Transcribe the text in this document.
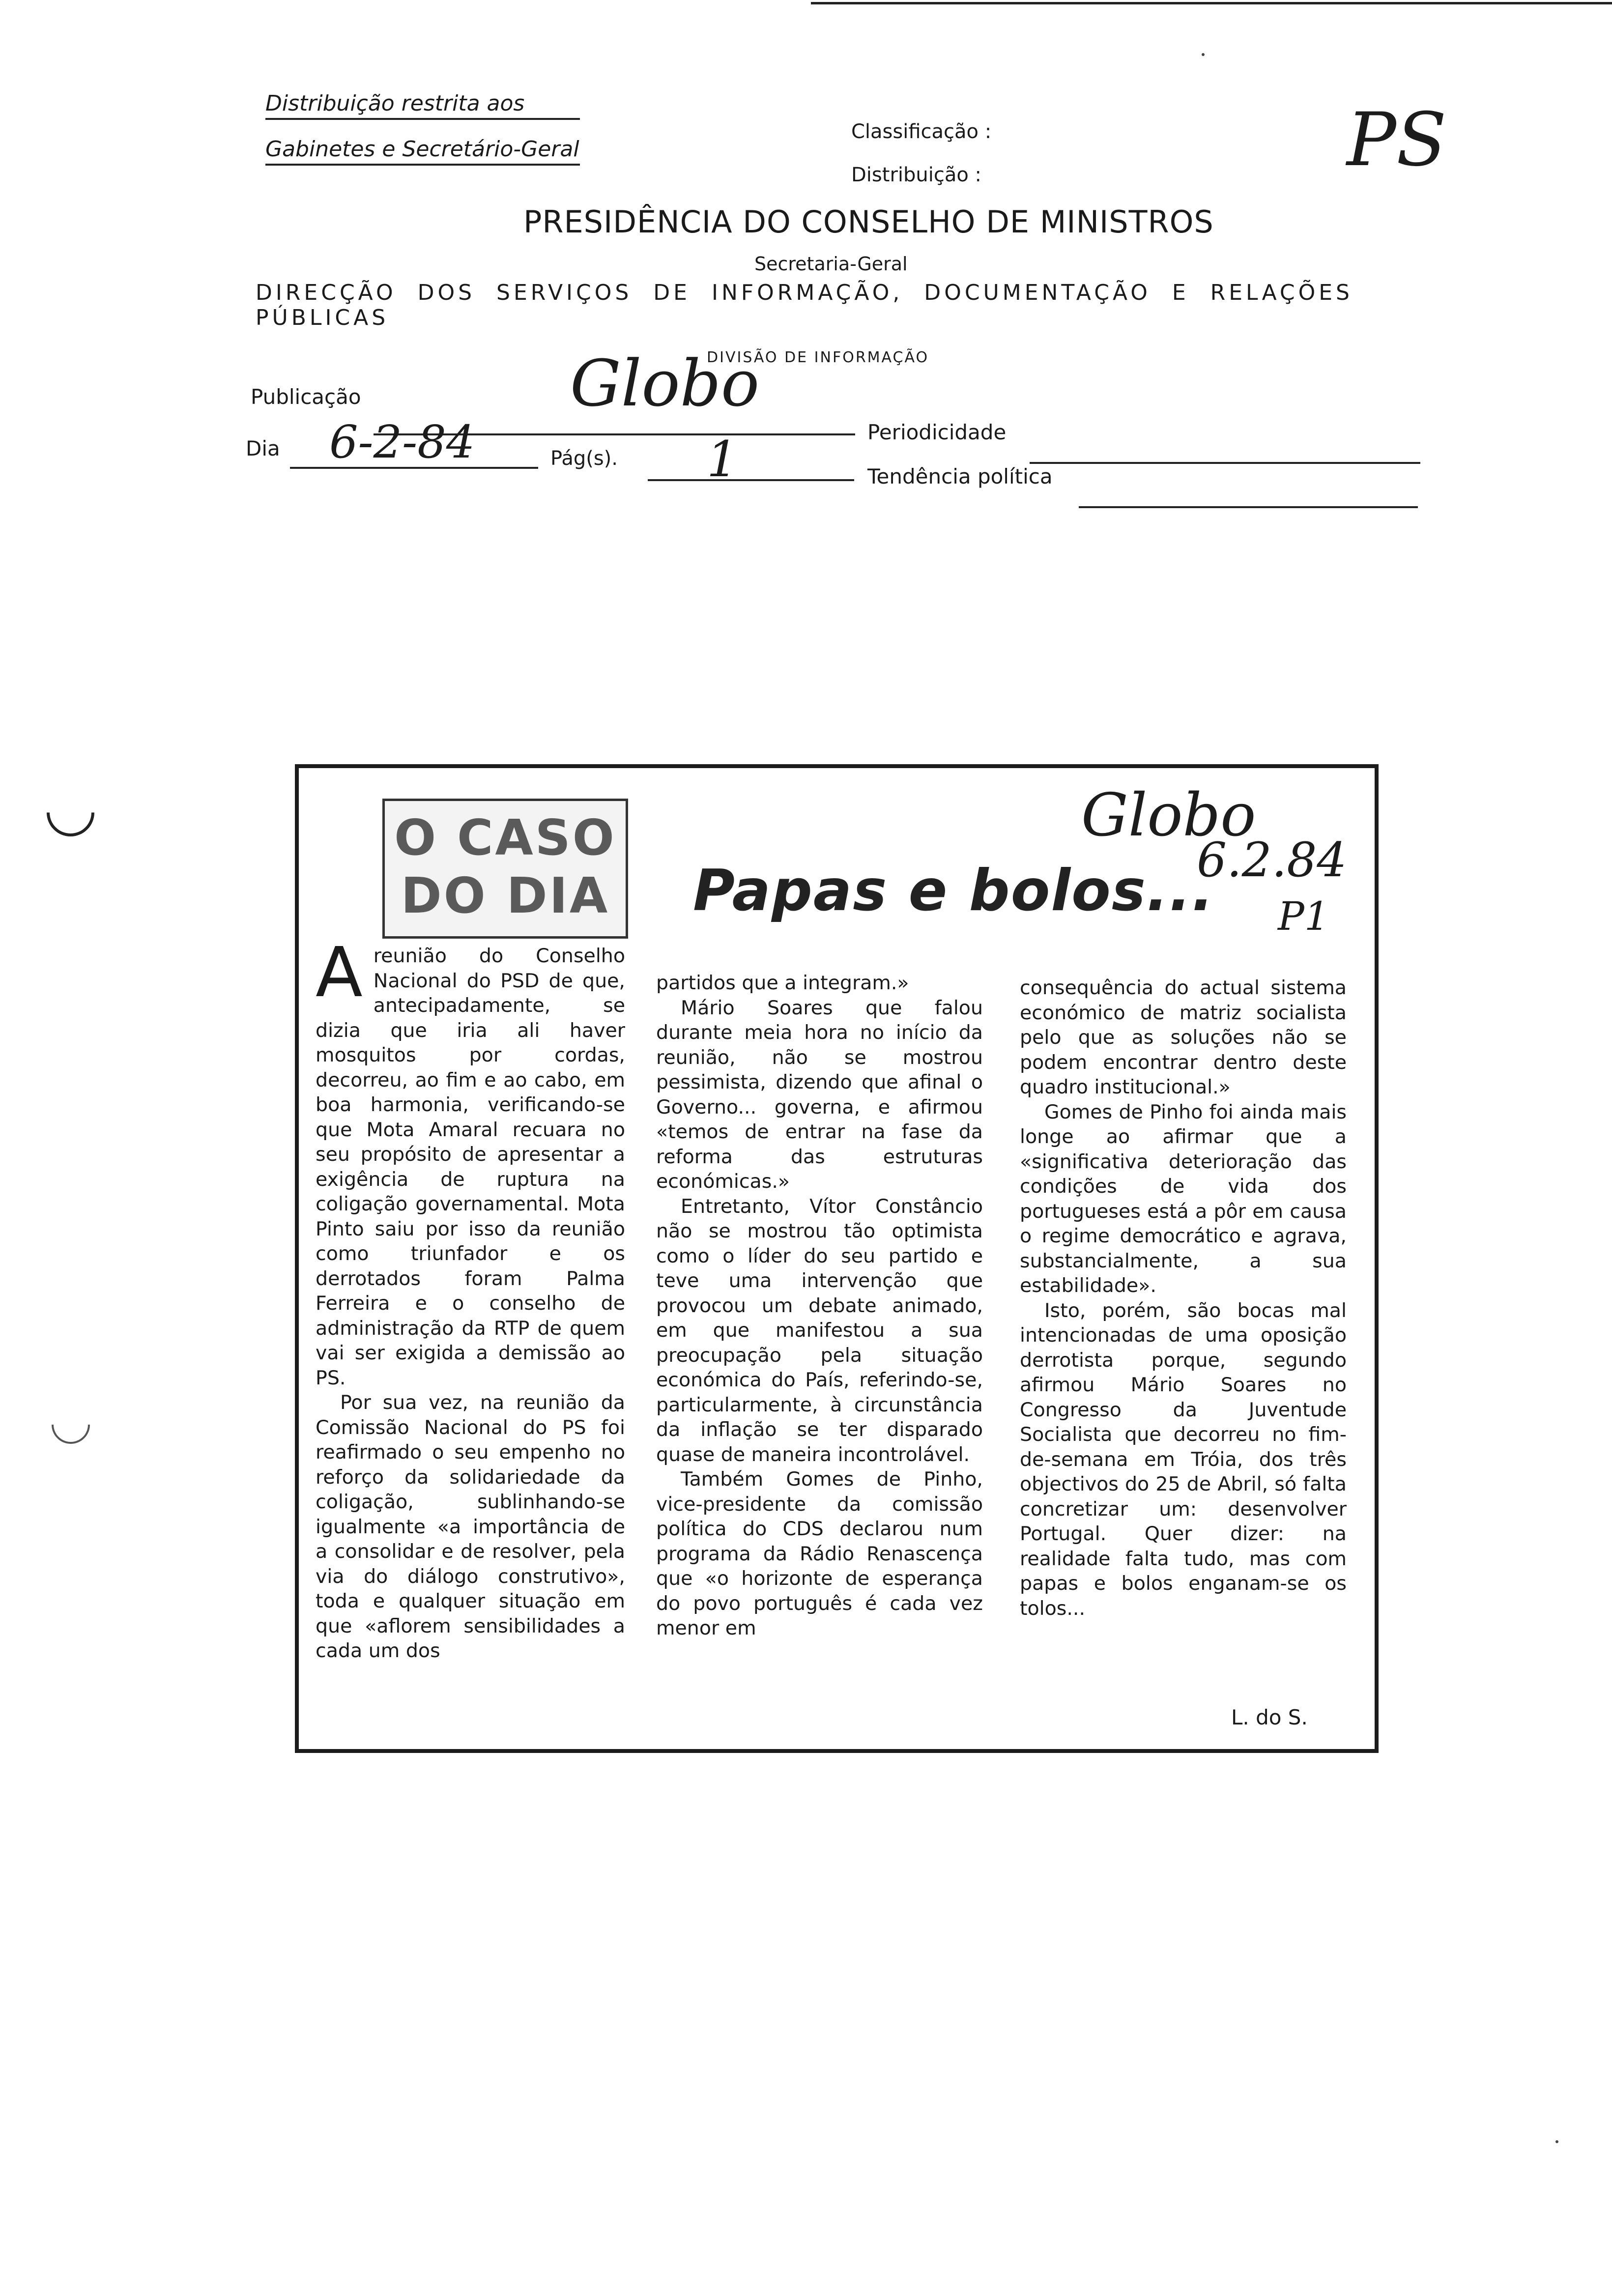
Distribuição restrita aos
Gabinetes e Secretário-Geral
Classificação :
Distribuição :	PS
PRESIDÊNCIA DO CONSELHO DE MINISTROS
Secretaria-Geral
DIRECÇÃO DOS SERVIÇOS DE INFORMAÇÃO, DOCUMENTAÇÃO E RELAÇÕES PÚBLICAS
DIVISÃO DE INFORMAÇÃO
Publicação	Globo
Periodicidade
Dia 6-2-84	Pág(s). 1	Tendência política
O CASO
DO DIA Papas e bolos...
Globo
6.2.84
P1
A reunião do Conselho Nacional do PSD de que, antecipadamente, se dizia que iria ali haver mosquitos por cordas, decorreu, ao fim e ao cabo, em boa harmonia, verificando-se que Mota Amaral recuara no seu propósito de apresentar a exigência de ruptura na coligação governamental. Mota Pinto saiu por isso da reunião como triunfador e os derrotados foram Palma Ferreira e o conselho de administração da RTP de quem vai ser exigida a demissão ao PS.

Por sua vez, na reunião da Comissão Nacional do PS foi reafirmado o seu empenho no reforço da solidariedade da coligação, sublinhando-se igualmente «a importância de a consolidar e de resolver, pela via do diálogo construtivo», toda e qualquer situação em que «aflorem sensibilidades a cada um dos

partidos que a integram.»

Mário Soares que falou durante meia hora no início da reunião, não se mostrou pessimista, dizendo que afinal o Governo... governa, e afirmou «temos de entrar na fase da reforma das estruturas económicas.»

Entretanto, Vítor Constâncio não se mostrou tão optimista como o líder do seu partido e teve uma intervenção que provocou um debate animado, em que manifestou a sua preocupação pela situação económica do País, referindo-se, particularmente, à circunstância da inflação se ter disparado quase de maneira incontrolável.

Também Gomes de Pinho, vice-presidente da comissão política do CDS declarou num programa da Rádio Renascença que «o horizonte de esperança do povo português é cada vez menor em

consequência do actual sistema económico de matriz socialista pelo que as soluções não se podem encontrar dentro deste quadro institucional.»

Gomes de Pinho foi ainda mais longe ao afirmar que a «significativa deterioração das condições de vida dos portugueses está a pôr em causa o regime democrático e agrava, substancialmente, a sua estabilidade».

Isto, porém, são bocas mal intencionadas de uma oposição derrotista porque, segundo afirmou Mário Soares no Congresso da Juventude Socialista que decorreu no fim-de-semana em Tróia, dos três objectivos do 25 de Abril, só falta concretizar um: desenvolver Portugal. Quer dizer: na realidade falta tudo, mas com papas e bolos enganam-se os tolos...

L. do S.
